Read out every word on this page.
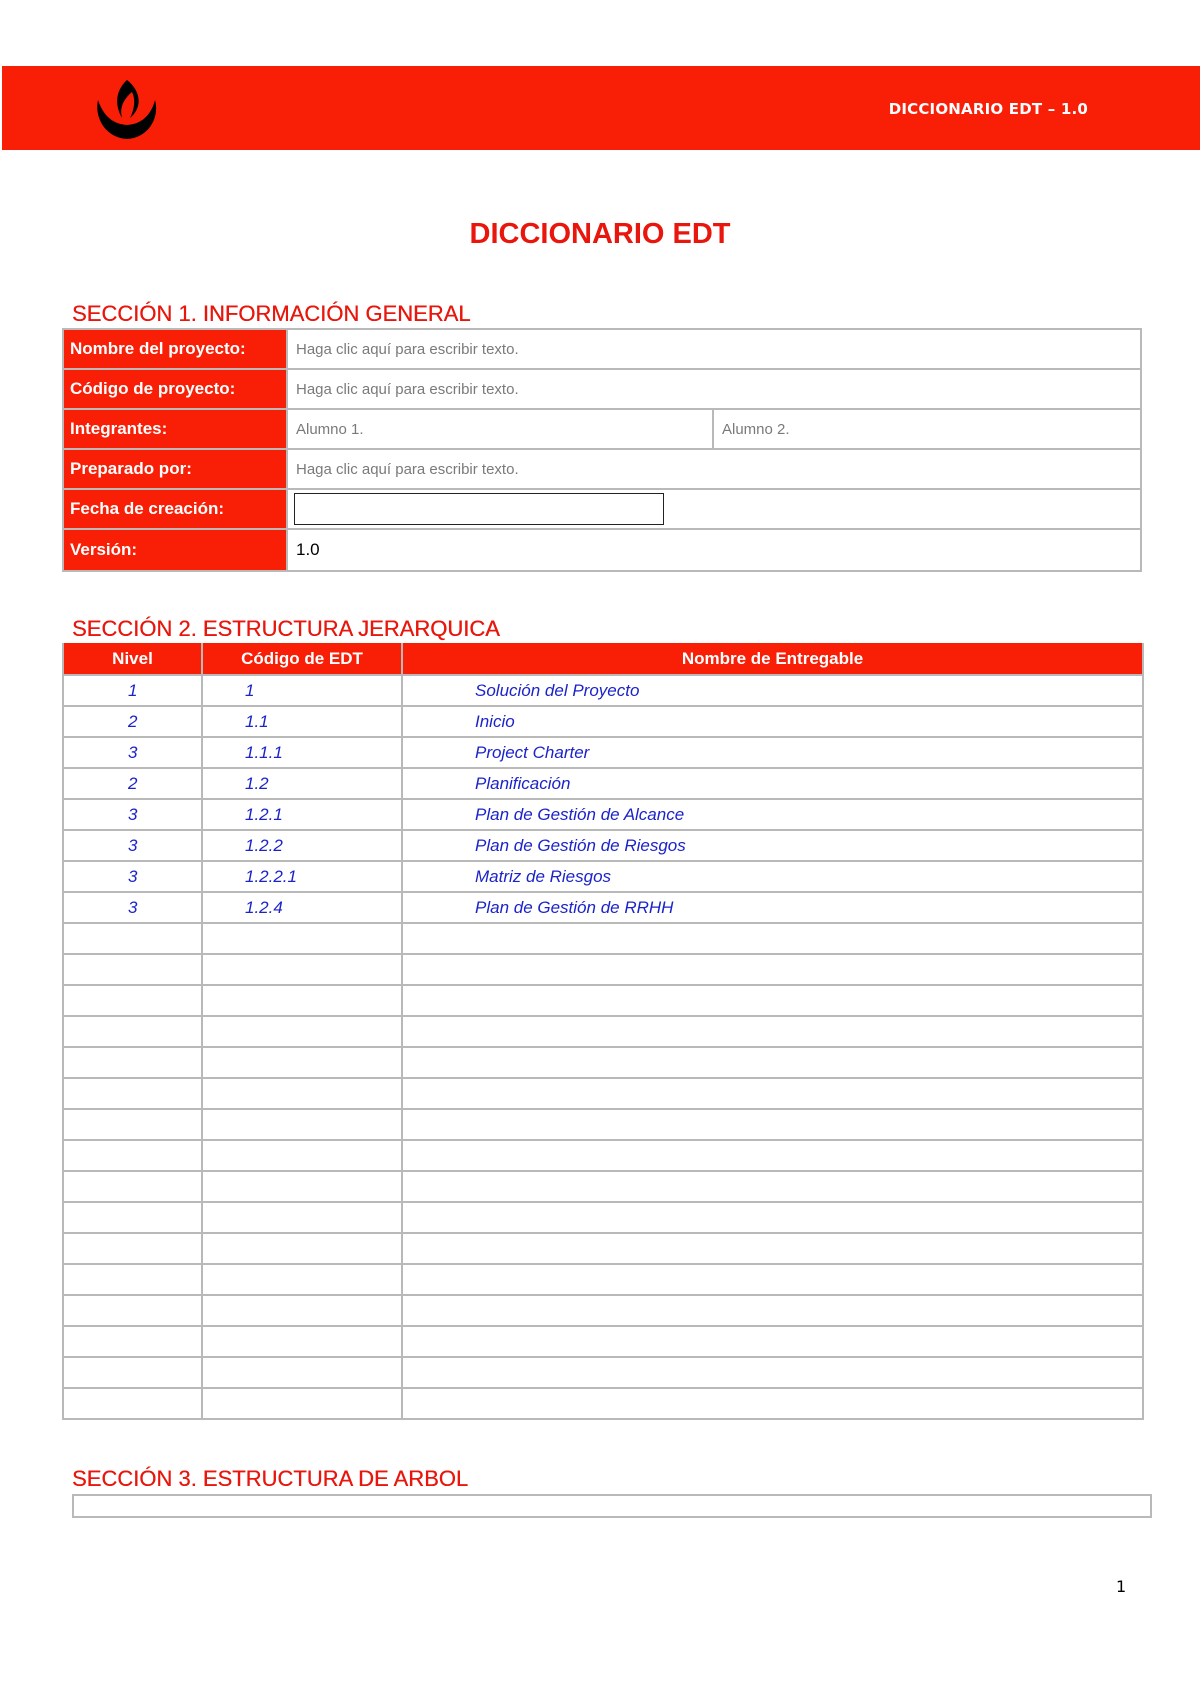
DICCIONARIO EDT – 1.0
DICCIONARIO EDT
SECCIÓN 1. INFORMACIÓN GENERAL
Nombre del proyecto:	Haga clic aquí para escribir texto.
Código de proyecto:	Haga clic aquí para escribir texto.
Integrantes:	Alumno 1.	Alumno 2.
Preparado por:	Haga clic aquí para escribir texto.
Fecha de creación:
Versión:	1.0
SECCIÓN 2. ESTRUCTURA JERARQUICA
Nivel	Código de EDT	Nombre de Entregable
1	1	Solución del Proyecto
2	1.1	Inicio
3	1.1.1	Project Charter
2	1.2	Planificación
3	1.2.1	Plan de Gestión de Alcance
3	1.2.2	Plan de Gestión de Riesgos
3	1.2.2.1	Matriz de Riesgos
3	1.2.4	Plan de Gestión de RRHH

SECCIÓN 3. ESTRUCTURA DE ARBOL
1
